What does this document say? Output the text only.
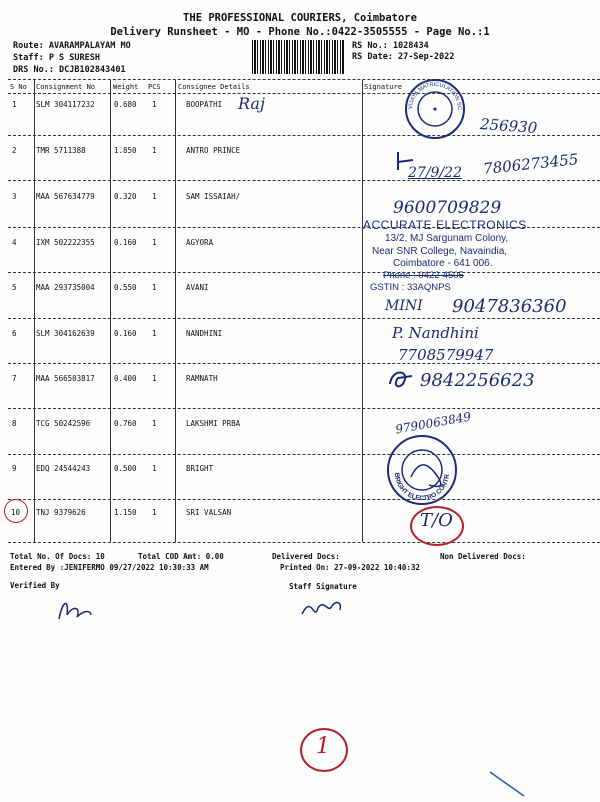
THE PROFESSIONAL COURIERS, Coimbatore
Delivery Runsheet - MO - Phone No.:0422-3505555 - Page No.:1
Route: AVARAMPALAYAM MO
Staff: P S SURESH
DRS No.: DCJB102843401
RS No.: 1028434
RS Date: 27-Sep-2022
S No Consignment No	Weight PCS Consignee Details	Signature
1	SLM 304117232	0.680 1	BOOPATHI
2	TMR 5711388	1.850 1	ANTRO PRINCE
3	MAA 567634779	0.320 1	SAM ISSAIAH/
4	IXM 502222355	0.160 1	AGYORA
5	MAA 293735004	0.550 1	AVANI
6	SLM 304162639	0.160 1	NANDHINI
7	MAA 566503817	0.400 1	RAMNATH
8	TCG 50242596	0.760 1	LAKSHMI PRBA
9	EDQ 24544243	0.500 1	BRIGHT
10 TNJ 9379626	1.150 1	SRI VALSAN
Total No. Of Docs: 10	Total COD Amt: 0.00	Delivered Docs:	Non Delivered Docs:
Entered By :JENIFERMO 09/27/2022 10:30:33 AM	Printed On: 27-09-2022 10:40:32
Verified By	Staff Signature
VIJAYA MATRICULATION SC
✦
ACCURATE ELECTRONICS
13/2, MJ Sargunam Colony,
Near SNR College, Navaindia,
Coimbatore - 641 006.
Phone : 0422-4505
GSTIN : 33AQNPS
BRIGHT ELECTRO CONTR
Raj
256930
27/9/22 7806273455
9600709829
MINI 9047836360
P. Nandhini
7708579947
9842256623
9790063849
T/O
1
